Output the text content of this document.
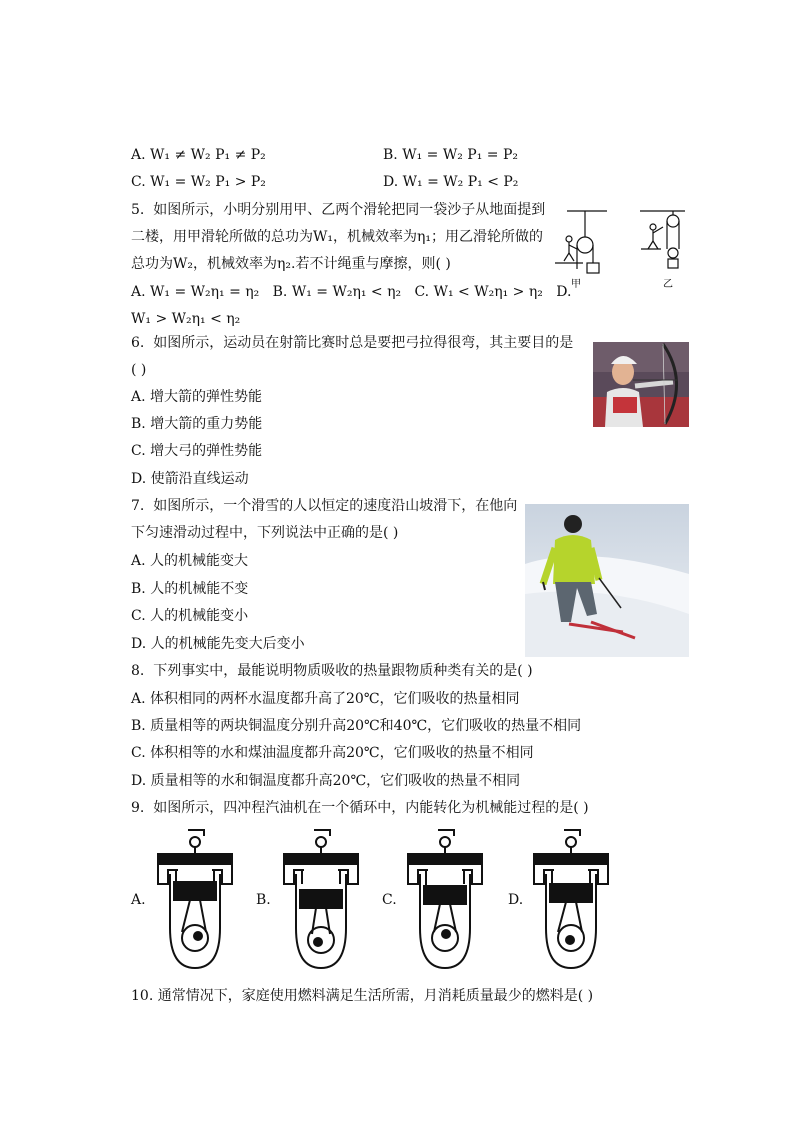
A. W₁ ≠ W₂ P₁ ≠ P₂	B. W₁ = W₂ P₁ = P₂
C. W₁ = W₂ P₁ > P₂	D. W₁ = W₂ P₁ < P₂
5. 如图所示，小明分别用甲、乙两个滑轮把同一袋沙子从地面提到
二楼，用甲滑轮所做的总功为W₁，机械效率为η₁；用乙滑轮所做的
总功为W₂，机械效率为η₂.若不计绳重与摩擦，则( )
A. W₁ = W₂η₁ = η₂ B. W₁ = W₂η₁ < η₂ C. W₁ < W₂η₁ > η₂ D.
W₁ > W₂η₁ < η₂
甲	乙
6. 如图所示，运动员在射箭比赛时总是要把弓拉得很弯，其主要目的是
( )
A. 增大箭的弹性势能
B. 增大箭的重力势能
C. 增大弓的弹性势能
D. 使箭沿直线运动
7. 如图所示，一个滑雪的人以恒定的速度沿山坡滑下，在他向
下匀速滑动过程中，下列说法中正确的是( )
A. 人的机械能变大
B. 人的机械能不变
C. 人的机械能变小
D. 人的机械能先变大后变小
8. 下列事实中，最能说明物质吸收的热量跟物质种类有关的是( )
A. 体积相同的两杯水温度都升高了20℃，它们吸收的热量相同
B. 质量相等的两块铜温度分别升高20℃和40℃，它们吸收的热量不相同
C. 体积相等的水和煤油温度都升高20℃，它们吸收的热量不相同
D. 质量相等的水和铜温度都升高20℃，它们吸收的热量不相同
9. 如图所示，四冲程汽油机在一个循环中，内能转化为机械能过程的是( )
A.	B.	C.	D.
10. 通常情况下，家庭使用燃料满足生活所需，月消耗质量最少的燃料是( )
